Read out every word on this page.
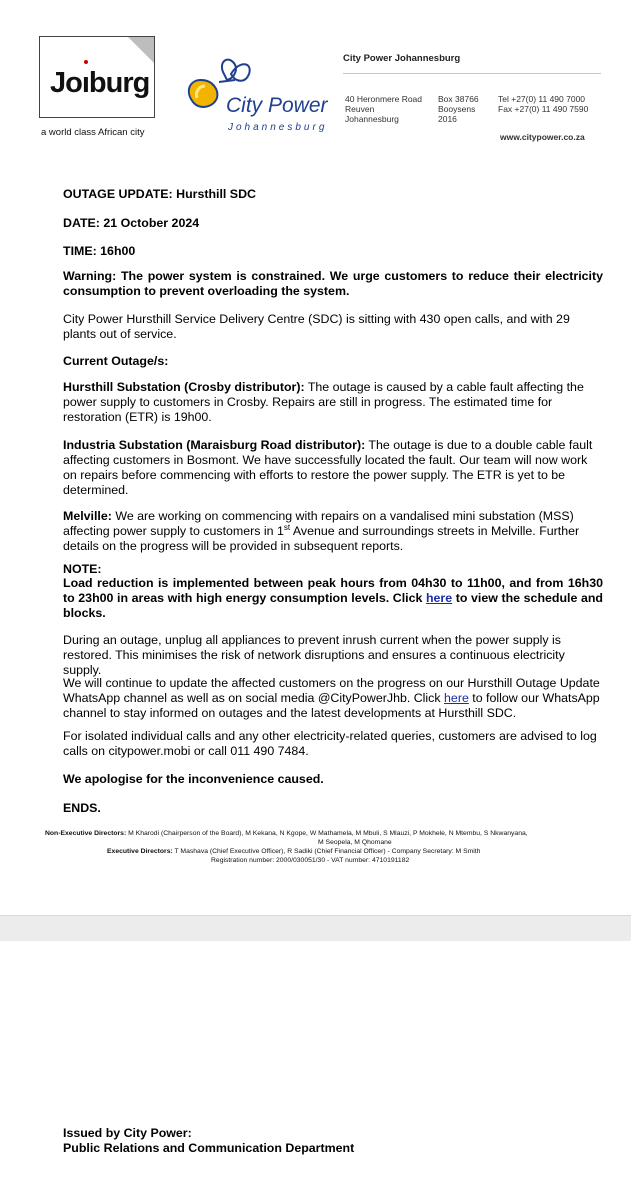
Joıburg
a world class African city
City Power
Johannesburg
City Power Johannesburg
40 Heronmere Road
Reuven
Johannesburg
Box 38766
Booysens
2016
Tel +27(0) 11 490 7000
Fax +27(0) 11 490 7590
www.citypower.co.za
OUTAGE UPDATE: Hursthill SDC
DATE: 21 October 2024
TIME: 16h00
Warning: The power system is constrained. We urge customers to reduce their electricity consumption to prevent overloading the system.
City Power Hursthill Service Delivery Centre (SDC) is sitting with 430 open calls, and with 29 plants out of service.
Current Outage/s:
Hursthill Substation (Crosby distributor): The outage is caused by a cable fault affecting the power supply to customers in Crosby. Repairs are still in progress. The estimated time for restoration (ETR) is 19h00.
Industria Substation (Maraisburg Road distributor): The outage is due to a double cable fault affecting customers in Bosmont. We have successfully located the fault. Our team will now work on repairs before commencing with efforts to restore the power supply. The ETR is yet to be determined.
Melville: We are working on commencing with repairs on a vandalised mini substation (MSS) affecting power supply to customers in 1st Avenue and surroundings streets in Melville. Further details on the progress will be provided in subsequent reports.
NOTE:
Load reduction is implemented between peak hours from 04h30 to 11h00, and from 16h30 to 23h00 in areas with high energy consumption levels. Click here to view the schedule and blocks.
During an outage, unplug all appliances to prevent inrush current when the power supply is restored. This minimises the risk of network disruptions and ensures a continuous electricity supply.
We will continue to update the affected customers on the progress on our Hursthill Outage Update WhatsApp channel as well as on social media @CityPowerJhb. Click here to follow our WhatsApp channel to stay informed on outages and the latest developments at Hursthill SDC.
For isolated individual calls and any other electricity-related queries, customers are advised to log calls on citypower.mobi or call 011 490 7484.
We apologise for the inconvenience caused.
ENDS.
Non-Executive Directors: M Kharodi (Chairperson of the Board), M Kekana, N Kgope, W Mathamela, M Mbuli, S Mlauzi, P Mokhele, N Mtembu, S Nkwanyana,
M Seopela, M Qhomane
Executive Directors: T Mashava (Chief Executive Officer), R Sadiki (Chief Financial Officer) - Company Secretary: M Smith
Registration number: 2000/030051/30 - VAT number: 4710191182
Issued by City Power:
Public Relations and Communication Department
